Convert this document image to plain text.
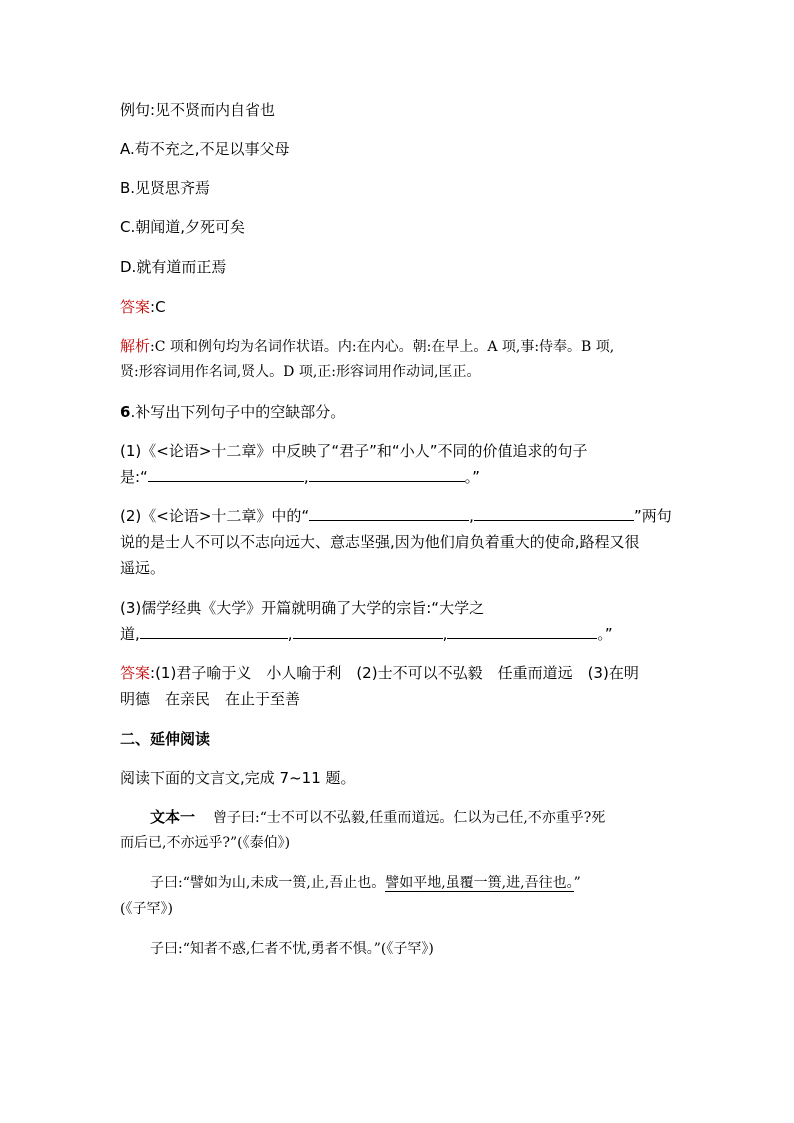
例句:见不贤而内自省也
A.苟不充之,不足以事父母
B.见贤思齐焉
C.朝闻道,夕死可矣
D.就有道而正焉
答案:C
解析:C 项和例句均为名词作状语。内:在内心。朝:在早上。A 项,事:侍奉。B 项,
贤:形容词用作名词,贤人。D 项,正:形容词用作动词,匡正。
6.补写出下列句子中的空缺部分。
(1)《<论语>十二章》中反映了“君子”和“小人”不同的价值追求的句子
是:“	,	。”
(2)《<论语>十二章》中的“	,	”两句
说的是士人不可以不志向远大、意志坚强,因为他们肩负着重大的使命,路程又很
遥远。
(3)儒学经典《大学》开篇就明确了大学的宗旨:“大学之
道,	,	,	。”
答案:(1)君子喻于义　小人喻于利　(2)士不可以不弘毅　任重而道远　(3)在明
明德　在亲民　在止于至善
二、延伸阅读
阅读下面的文言文,完成 7~11 题。
文本一 曾子曰:“士不可以不弘毅,任重而道远。仁以为己任,不亦重乎?死
而后已,不亦远乎?”(《泰伯》)
子曰:“譬如为山,未成一篑,止,吾止也。譬如平地,虽覆一篑,进,吾往也。”
(《子罕》)
子曰:“知者不惑,仁者不忧,勇者不惧。”(《子罕》)
